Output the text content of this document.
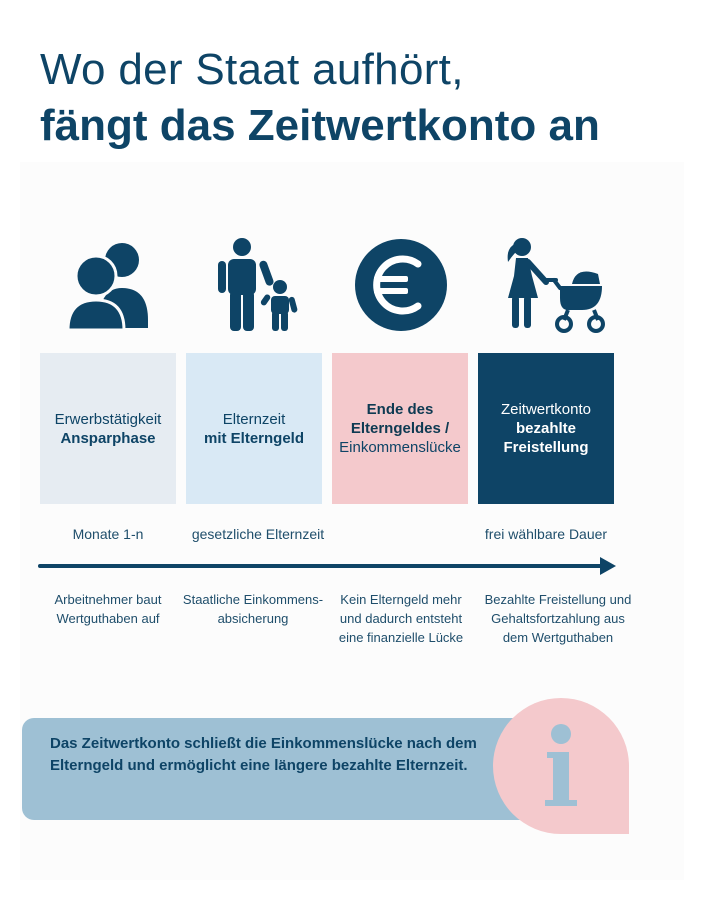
Wo der Staat aufhört,
fängt das Zeitwertkonto an
Erwerbstätigkeit
Ansparphase
Elternzeit
mit Elterngeld
Ende des
Elterngeldes /
Einkommenslücke
Zeitwertkonto
bezahlte
Freistellung
Monate 1-n	gesetzliche Elternzeit	frei wählbare Dauer
Arbeitnehmer baut
Wertguthaben auf
Staatliche Einkommens-
absicherung
Kein Elterngeld mehr
und dadurch entsteht
eine finanzielle Lücke
Bezahlte Freistellung und
Gehaltsfortzahlung aus
dem Wertguthaben
Das Zeitwertkonto schließt die Einkommenslücke nach dem Elterngeld und ermöglicht eine längere bezahlte Elternzeit.
